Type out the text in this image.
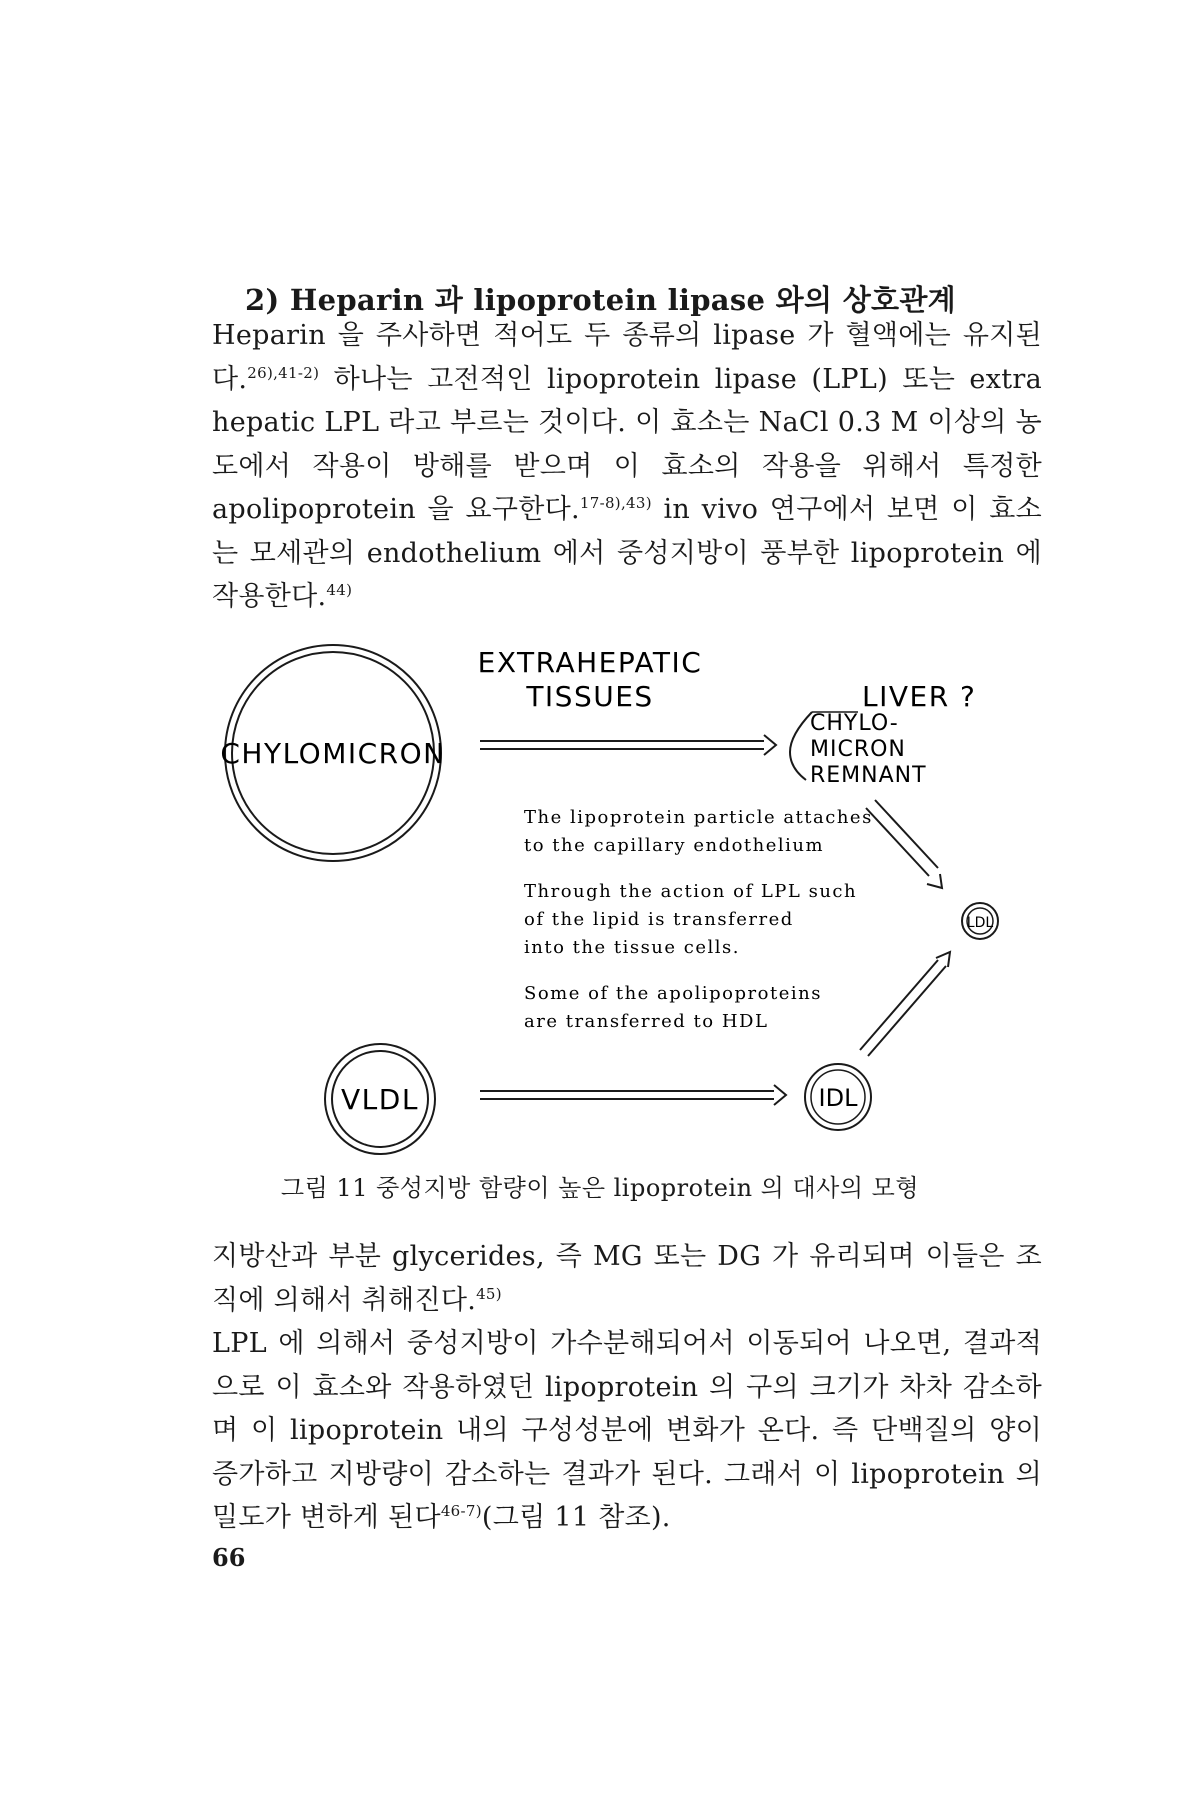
2) Heparin 과 lipoprotein lipase 와의 상호관계
Heparin 을 주사하면 적어도 두 종류의 lipase 가 혈액에는 유지된다.$^{26),41-2)}$ 하나는 고전적인 lipoprotein lipase (LPL) 또는 extra hepatic LPL 라고 부르는 것이다. 이 효소는 NaCl 0.3 M 이상의 농도에서 작용이 방해를 받으며 이 효소의 작용을 위해서 특정한 apolipoprotein 을 요구한다.$^{17-8),43)}$ in vivo 연구에서 보면 이 효소는 모세관의 endothelium 에서 중성지방이 풍부한 lipoprotein 에 작용한다.$^{44)}$
CHYLOMICRON
EXTRAHEPATIC
TISSUES	LIVER ?
CHYLO-
MICRON
REMNANT
The lipoprotein particle attaches
to the capillary endothelium
Through the action of LPL such
of the lipid is transferred
into the tissue cells.
Some of the apolipoproteins
are transferred to HDL
LDL
VLDL	IDL
그림 11 중성지방 함량이 높은 lipoprotein 의 대사의 모형
지방산과 부분 glycerides, 즉 MG 또는 DG 가 유리되며 이들은 조직에 의해서 취해진다.$^{45)}$
LPL 에 의해서 중성지방이 가수분해되어서 이동되어 나오면, 결과적으로 이 효소와 작용하였던 lipoprotein 의 구의 크기가 차차 감소하며 이 lipoprotein 내의 구성성분에 변화가 온다. 즉 단백질의 양이 증가하고 지방량이 감소하는 결과가 된다. 그래서 이 lipoprotein 의 밀도가 변하게 된다$^{46-7)}$(그림 11 참조).
66
